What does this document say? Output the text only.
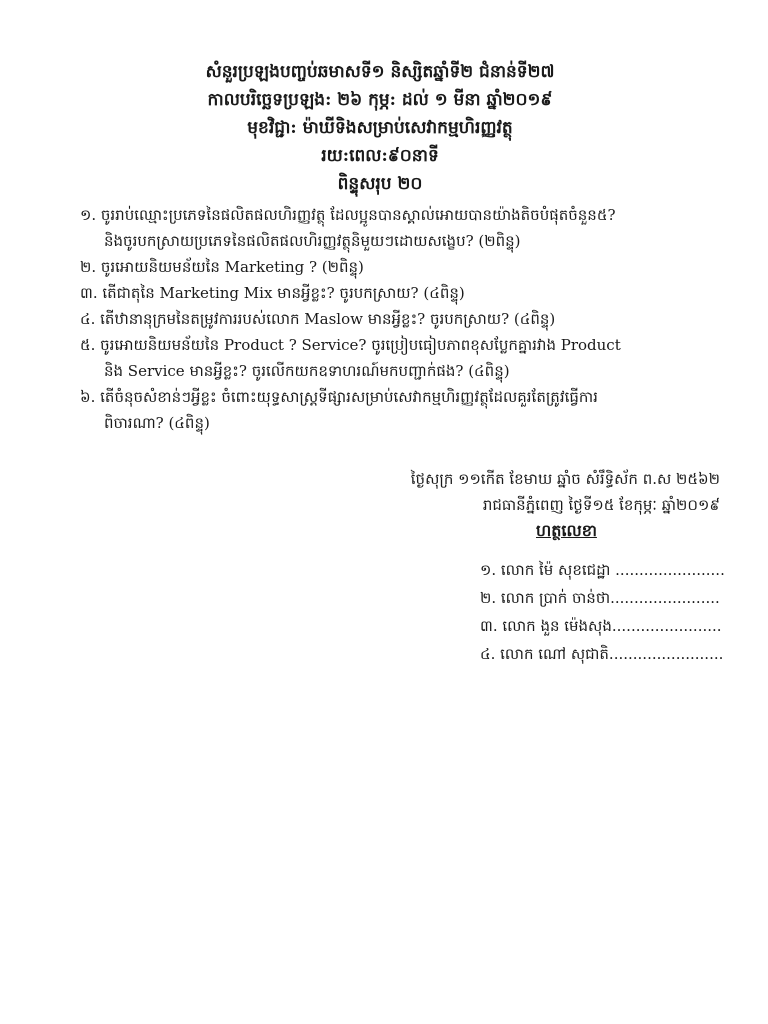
សំនួរប្រឡងបញ្ចប់ឆមាសទី១ និស្សិតឆ្នាំទី២ ជំនាន់ទី២៧
កាលបរិច្ឆេទប្រឡង: ២៦ កុម្ភ: ដល់ ១ មីនា ឆ្នាំ២០១៩
មុខវិជ្ជា: ម៉ាឃីទិងសម្រាប់សេវាកម្មហិរញ្ញវត្ថុ
រយ:ពេល:៩០នាទី
ពិន្ទុសរុប ២០
១. ចូររាប់ឈ្មោះប្រភេទនៃផលិតផលហិរញ្ញវត្ថុ ដែលប្អូនបានស្គាល់អោយបានយ៉ាងតិចបំផុតចំនួន៥?
និងចូរបកស្រាយប្រភេទនៃផលិតផលហិរញ្ញវត្ថុនិមួយៗដោយសង្ខេប? (២ពិន្ទុ)
២. ចូរអោយនិយមន័យនៃ Marketing ? (២ពិន្ទុ)
៣. តើជាតុនៃ Marketing Mix មានអ្វីខ្លះ? ចូរបកស្រាយ? (៤ពិន្ទុ)
៤. តើឋានានុក្រមនៃតម្រូវការរបស់លោក Maslow មានអ្វីខ្លះ? ចូរបកស្រាយ? (៤ពិន្ទុ)
៥. ចូរអោយនិយមន័យនៃ Product ? Service? ចូរប្រៀបធៀបភាពខុសប្លែកគ្នារវាង Product
និង Service មានអ្វីខ្លះ? ចូរលើកយកឧទាហរណ៍មកបញ្ជាក់ផង? (៤ពិន្ទុ)
៦. តើចំនុចសំខាន់ៗអ្វីខ្លះ ចំពោះយុទ្ធសាស្ត្រទីផ្សារសម្រាប់សេវាកម្មហិរញ្ញវត្ថុដែលគួរតែត្រូវធ្វើការ
ពិចារណា? (៤ពិន្ទុ)
ថ្ងៃសុក្រ ១១កើត ខែមាឃ ឆ្នាំច សំរឹទ្ធិស័ក ព.ស ២៥៦២
រាជធានីភ្នំពេញ ថ្ងៃទី១៥ ខែកុម្ភៈ ឆ្នាំ២០១៩
ហត្ថលេខា
១. លោក ម៉ៃ សុខជេដ្ឋា .......................
២. លោក ប្រាក់ ចាន់ថា.......................
៣. លោក ងួន ម៉េងសុង.......................
៤. លោក ណៅ សុជាតិ........................
